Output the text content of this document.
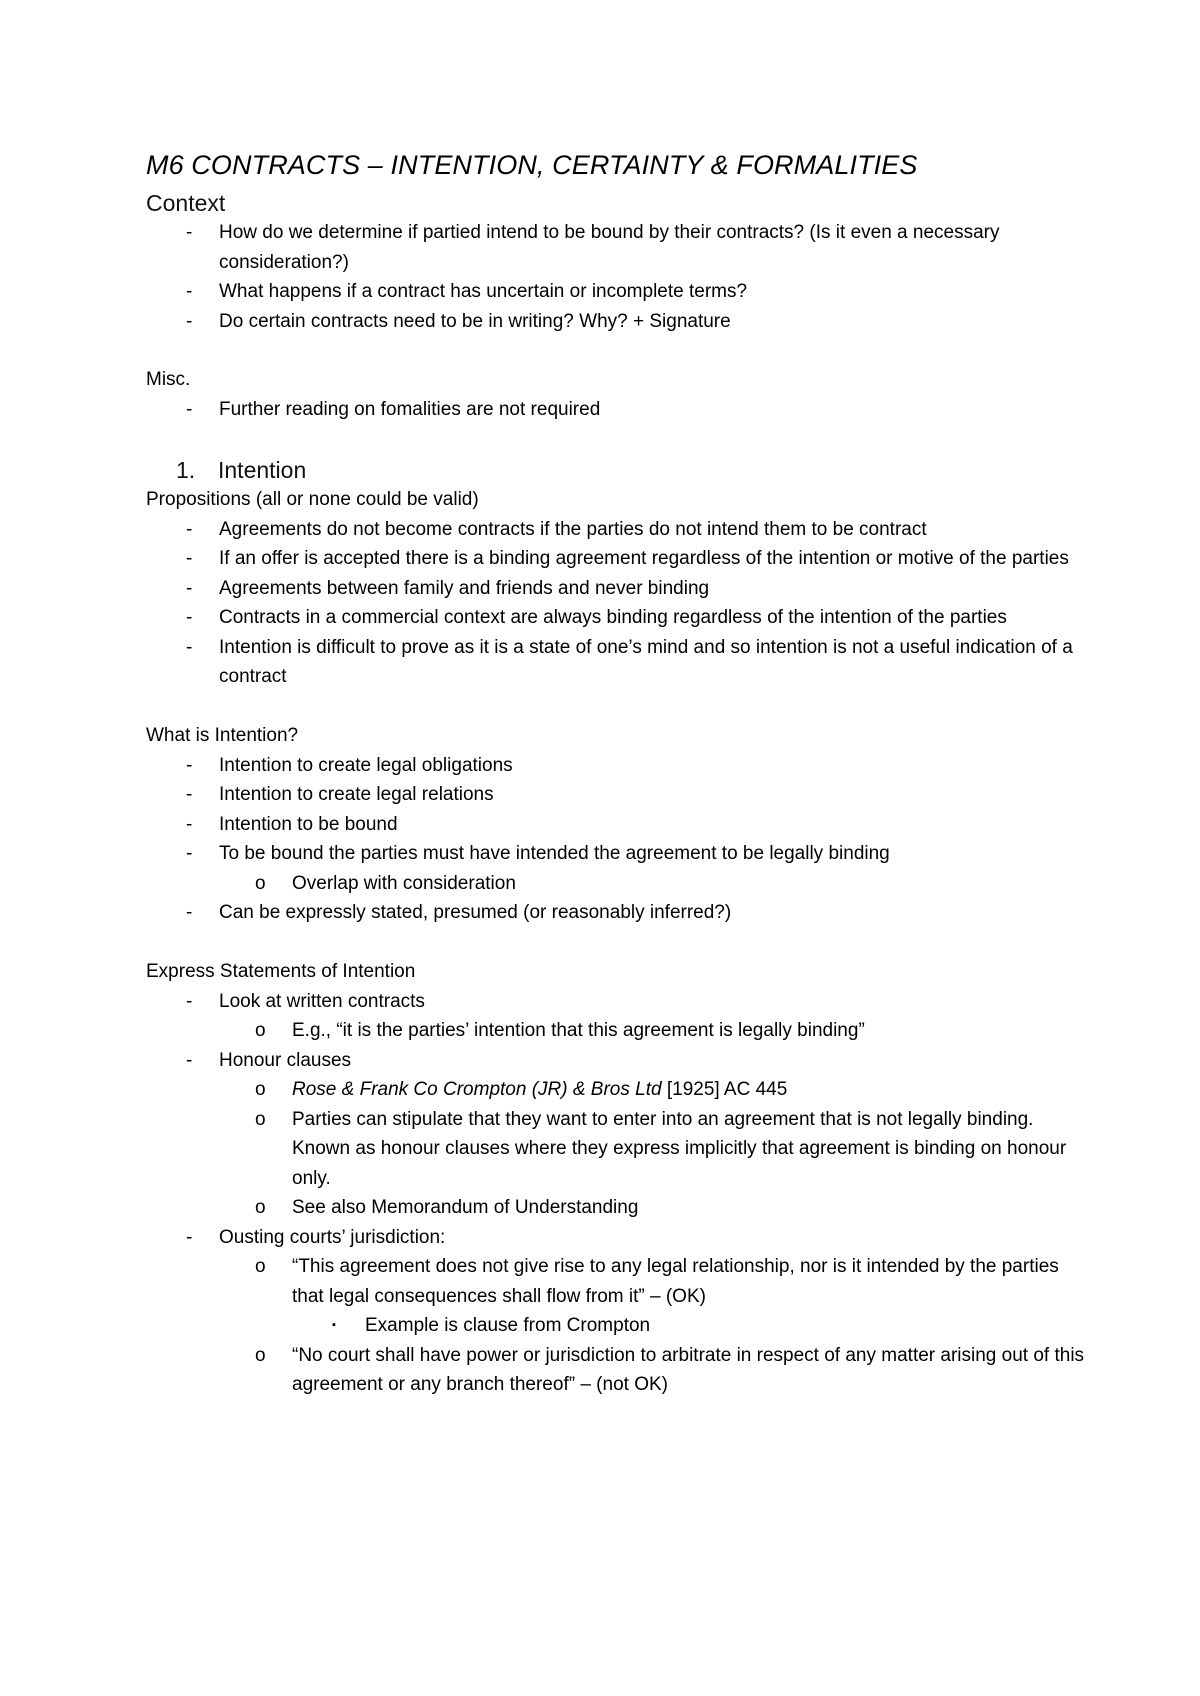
M6 CONTRACTS – INTENTION, CERTAINTY & FORMALITIES
Context
- How do we determine if partied intend to be bound by their contracts? (Is it even a necessary consideration?)
- What happens if a contract has uncertain or incomplete terms?
- Do certain contracts need to be in writing? Why? + Signature
Misc.
- Further reading on fomalities are not required
1. Intention
Propositions (all or none could be valid)
- Agreements do not become contracts if the parties do not intend them to be contract
- If an offer is accepted there is a binding agreement regardless of the intention or motive of the parties
- Agreements between family and friends and never binding
- Contracts in a commercial context are always binding regardless of the intention of the parties
- Intention is difficult to prove as it is a state of one’s mind and so intention is not a useful indication of a contract
What is Intention?
- Intention to create legal obligations
- Intention to create legal relations
- Intention to be bound
- To be bound the parties must have intended the agreement to be legally binding
o Overlap with consideration
- Can be expressly stated, presumed (or reasonably inferred?)
Express Statements of Intention
- Look at written contracts
o E.g., “it is the parties’ intention that this agreement is legally binding”
- Honour clauses
o Rose & Frank Co Crompton (JR) & Bros Ltd [1925] AC 445
o Parties can stipulate that they want to enter into an agreement that is not legally binding. Known as honour clauses where they express implicitly that agreement is binding on honour only.
o See also Memorandum of Understanding
- Ousting courts’ jurisdiction:
o “This agreement does not give rise to any legal relationship, nor is it intended by the parties that legal consequences shall flow from it” – (OK)
▪ Example is clause from Crompton
o “No court shall have power or jurisdiction to arbitrate in respect of any matter arising out of this agreement or any branch thereof” – (not OK)
